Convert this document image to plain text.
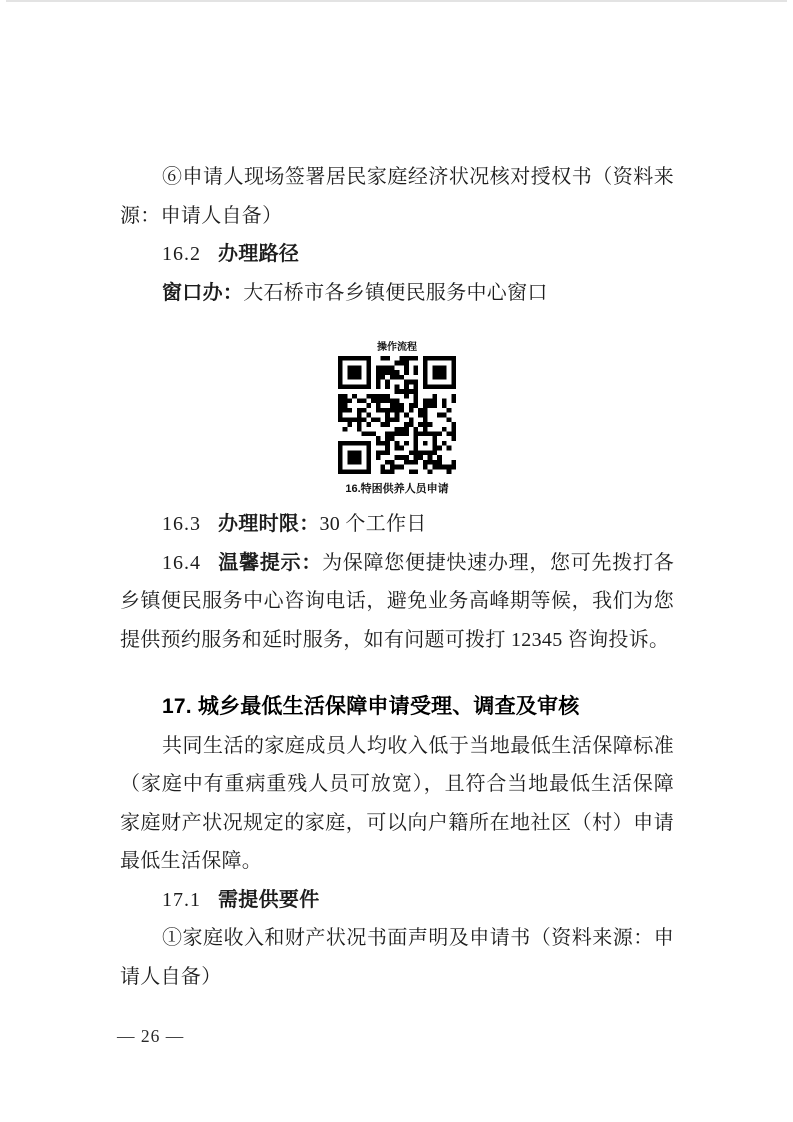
⑥申请人现场签署居民家庭经济状况核对授权书（资料来源：申请人自备）

16.2 办理路径

窗口办：大石桥市各乡镇便民服务中心窗口

操作流程
16.特困供养人员申请

16.3 办理时限：30 个工作日

16.4 温馨提示：为保障您便捷快速办理，您可先拨打各乡镇便民服务中心咨询电话，避免业务高峰期等候，我们为您提供预约服务和延时服务，如有问题可拨打 12345 咨询投诉。

17. 城乡最低生活保障申请受理、调查及审核

共同生活的家庭成员人均收入低于当地最低生活保障标准（家庭中有重病重残人员可放宽），且符合当地最低生活保障家庭财产状况规定的家庭，可以向户籍所在地社区（村）申请最低生活保障。

17.1 需提供要件

①家庭收入和财产状况书面声明及申请书（资料来源：申请人自备）

— 26 —
